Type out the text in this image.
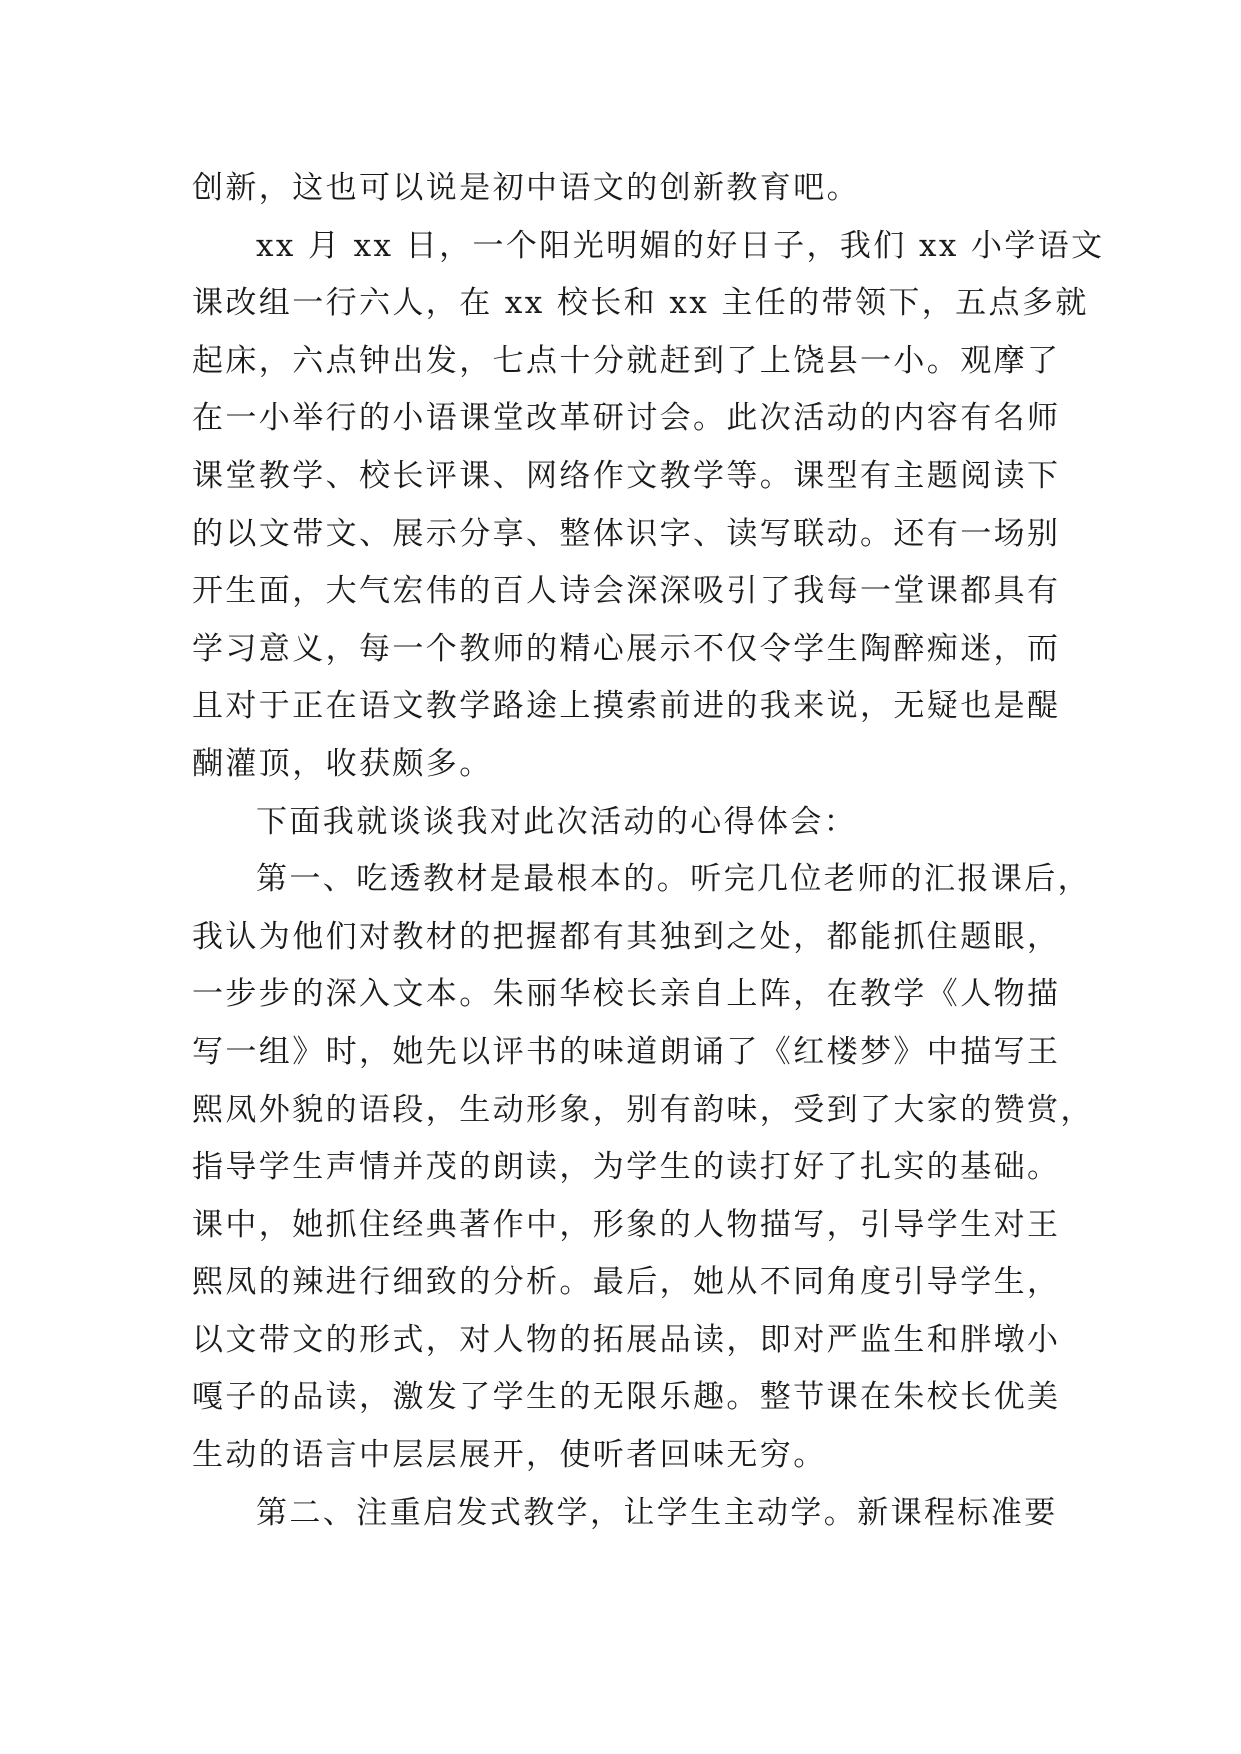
创新，这也可以说是初中语文的创新教育吧。
xx 月 xx 日，一个阳光明媚的好日子，我们 xx 小学语文
课改组一行六人，在 xx 校长和 xx 主任的带领下，五点多就
起床，六点钟出发，七点十分就赶到了上饶县一小。观摩了
在一小举行的小语课堂改革研讨会。此次活动的内容有名师
课堂教学、校长评课、网络作文教学等。课型有主题阅读下
的以文带文、展示分享、整体识字、读写联动。还有一场别
开生面，大气宏伟的百人诗会深深吸引了我每一堂课都具有
学习意义，每一个教师的精心展示不仅令学生陶醉痴迷，而
且对于正在语文教学路途上摸索前进的我来说，无疑也是醍
醐灌顶，收获颇多。
下面我就谈谈我对此次活动的心得体会：
第一、吃透教材是最根本的。听完几位老师的汇报课后，
我认为他们对教材的把握都有其独到之处，都能抓住题眼，
一步步的深入文本。朱丽华校长亲自上阵，在教学《人物描
写一组》时，她先以评书的味道朗诵了《红楼梦》中描写王
熙凤外貌的语段，生动形象，别有韵味，受到了大家的赞赏，
指导学生声情并茂的朗读，为学生的读打好了扎实的基础。
课中，她抓住经典著作中，形象的人物描写，引导学生对王
熙凤的辣进行细致的分析。最后，她从不同角度引导学生，
以文带文的形式，对人物的拓展品读，即对严监生和胖墩小
嘎子的品读，激发了学生的无限乐趣。整节课在朱校长优美
生动的语言中层层展开，使听者回味无穷。
第二、注重启发式教学，让学生主动学。新课程标准要
